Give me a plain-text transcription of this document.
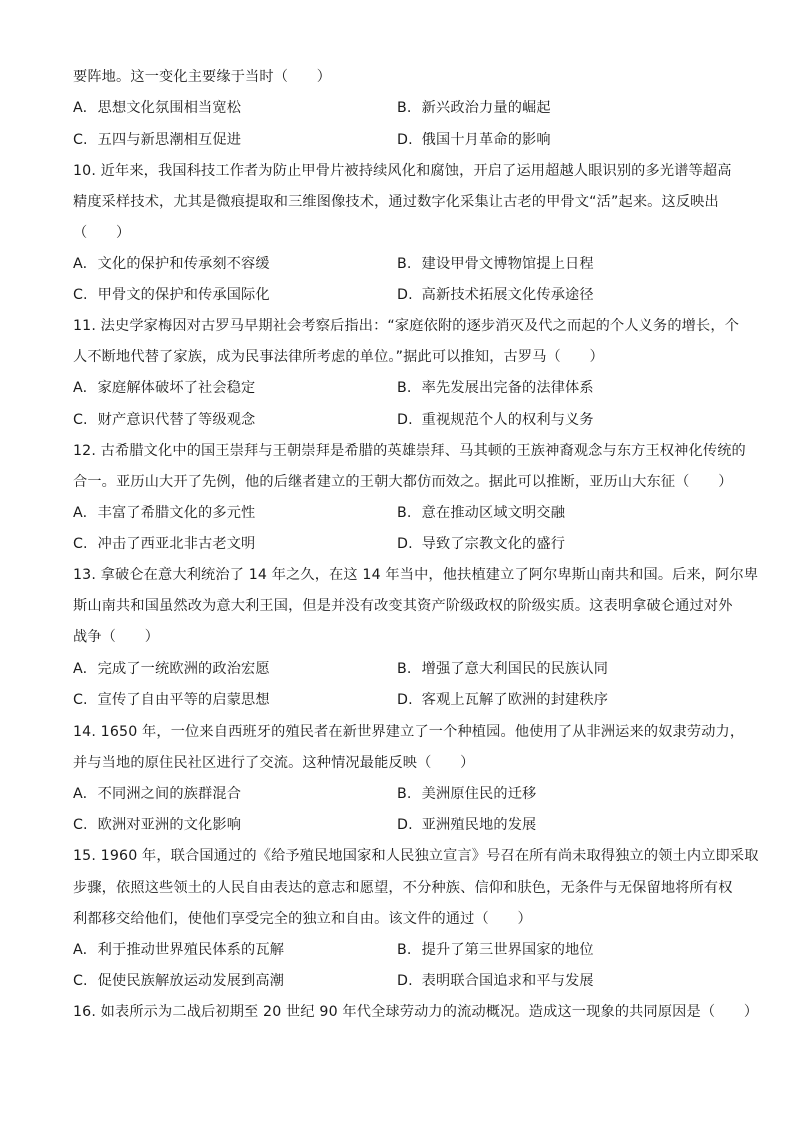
要阵地。这一变化主要缘于当时（　　）
A. 思想文化氛围相当宽松	B. 新兴政治力量的崛起
C. 五四与新思潮相互促进	D. 俄国十月革命的影响
10. 近年来，我国科技工作者为防止甲骨片被持续风化和腐蚀，开启了运用超越人眼识别的多光谱等超高
精度采样技术，尤其是微痕提取和三维图像技术，通过数字化采集让古老的甲骨文“活”起来。这反映出
（　　）
A. 文化的保护和传承刻不容缓	B. 建设甲骨文博物馆提上日程
C. 甲骨文的保护和传承国际化	D. 高新技术拓展文化传承途径
11. 法史学家梅因对古罗马早期社会考察后指出：“家庭依附的逐步消灭及代之而起的个人义务的增长，个
人不断地代替了家族，成为民事法律所考虑的单位。”据此可以推知，古罗马（　　）
A. 家庭解体破坏了社会稳定	B. 率先发展出完备的法律体系
C. 财产意识代替了等级观念	D. 重视规范个人的权利与义务
12. 古希腊文化中的国王崇拜与王朝崇拜是希腊的英雄崇拜、马其顿的王族神裔观念与东方王权神化传统的
合一。亚历山大开了先例，他的后继者建立的王朝大都仿而效之。据此可以推断，亚历山大东征（　　）
A. 丰富了希腊文化的多元性	B. 意在推动区域文明交融
C. 冲击了西亚北非古老文明	D. 导致了宗教文化的盛行
13. 拿破仑在意大利统治了 14 年之久，在这 14 年当中，他扶植建立了阿尔卑斯山南共和国。后来，阿尔卑
斯山南共和国虽然改为意大利王国，但是并没有改变其资产阶级政权的阶级实质。这表明拿破仑通过对外
战争（　　）
A. 完成了一统欧洲的政治宏愿	B. 增强了意大利国民的民族认同
C. 宣传了自由平等的启蒙思想	D. 客观上瓦解了欧洲的封建秩序
14. 1650 年，一位来自西班牙的殖民者在新世界建立了一个种植园。他使用了从非洲运来的奴隶劳动力，
并与当地的原住民社区进行了交流。这种情况最能反映（　　）
A. 不同洲之间的族群混合	B. 美洲原住民的迁移
C. 欧洲对亚洲的文化影响	D. 亚洲殖民地的发展
15. 1960 年，联合国通过的《给予殖民地国家和人民独立宣言》号召在所有尚未取得独立的领土内立即采取
步骤，依照这些领土的人民自由表达的意志和愿望，不分种族、信仰和肤色，无条件与无保留地将所有权
利都移交给他们，使他们享受完全的独立和自由。该文件的通过（　　）
A. 利于推动世界殖民体系的瓦解	B. 提升了第三世界国家的地位
C. 促使民族解放运动发展到高潮	D. 表明联合国追求和平与发展
16. 如表所示为二战后初期至 20 世纪 90 年代全球劳动力的流动概况。造成这一现象的共同原因是（　　）
